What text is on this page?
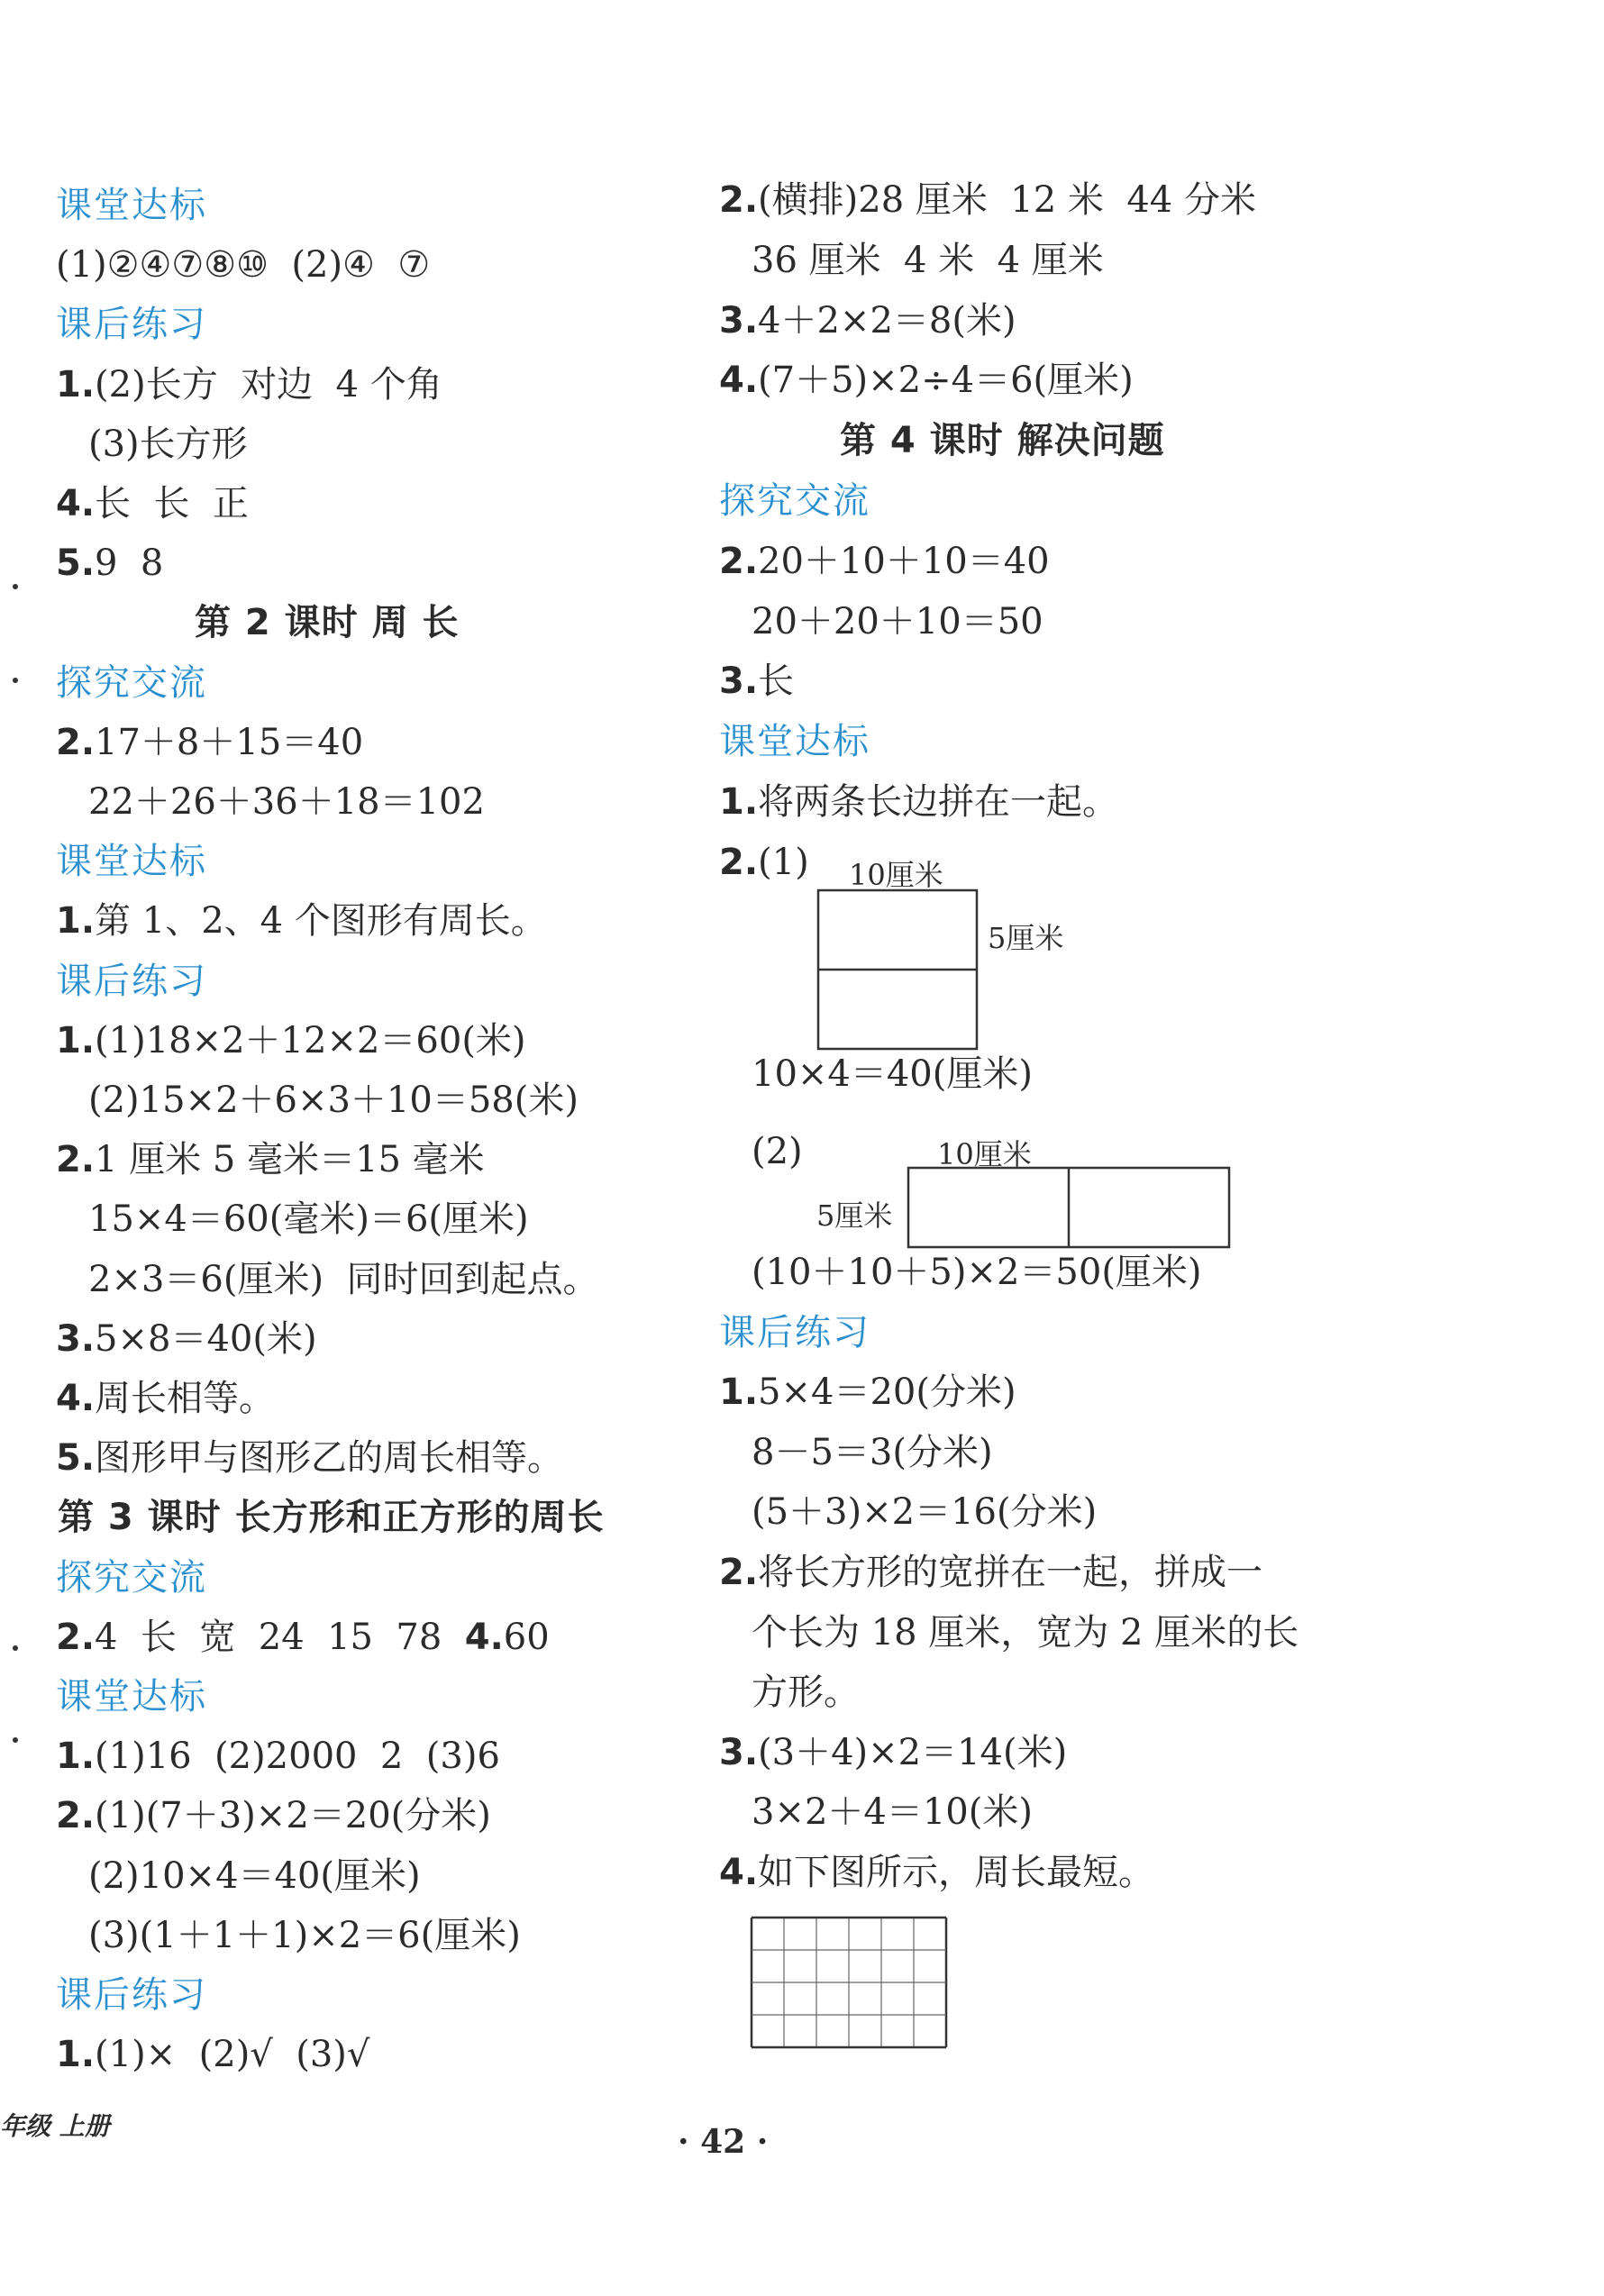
10厘米
5厘米
10厘米
5厘米
年级 上册	· 42 ·
课堂达标
(1)②④⑦⑧⑩  (2)④  ⑦
课后练习
1.(2)长方  对边  4 个角
(3)长方形
4.长  长  正
5.9  8
第 2 课时 周 长
探究交流
2.17＋8＋15＝40
22＋26＋36＋18＝102
课堂达标
1.第 1、2、4 个图形有周长。
课后练习
1.(1)18×2＋12×2＝60(米)
(2)15×2＋6×3＋10＝58(米)
2.1 厘米 5 毫米＝15 毫米
15×4＝60(毫米)＝6(厘米)
2×3＝6(厘米)  同时回到起点。
3.5×8＝40(米)
4.周长相等。
5.图形甲与图形乙的周长相等。
第 3 课时 长方形和正方形的周长
探究交流
2.4  长  宽  24  15  78  4.60
课堂达标
1.(1)16  (2)2000  2  (3)6
2.(1)(7＋3)×2＝20(分米)
(2)10×4＝40(厘米)
(3)(1＋1＋1)×2＝6(厘米)
课后练习
1.(1)×  (2)√  (3)√
2.(横排)28 厘米  12 米  44 分米
36 厘米  4 米  4 厘米
3.4＋2×2＝8(米)
4.(7＋5)×2÷4＝6(厘米)
第 4 课时 解决问题
探究交流
2.20＋10＋10＝40
20＋20＋10＝50
3.长
课堂达标
1.将两条长边拼在一起。
2.(1)
10×4＝40(厘米)
(2)
(10＋10＋5)×2＝50(厘米)
课后练习
1.5×4＝20(分米)
8－5＝3(分米)
(5＋3)×2＝16(分米)
2.将长方形的宽拼在一起，拼成一
个长为 18 厘米，宽为 2 厘米的长
方形。
3.(3＋4)×2＝14(米)
3×2＋4＝10(米)
4.如下图所示，周长最短。
